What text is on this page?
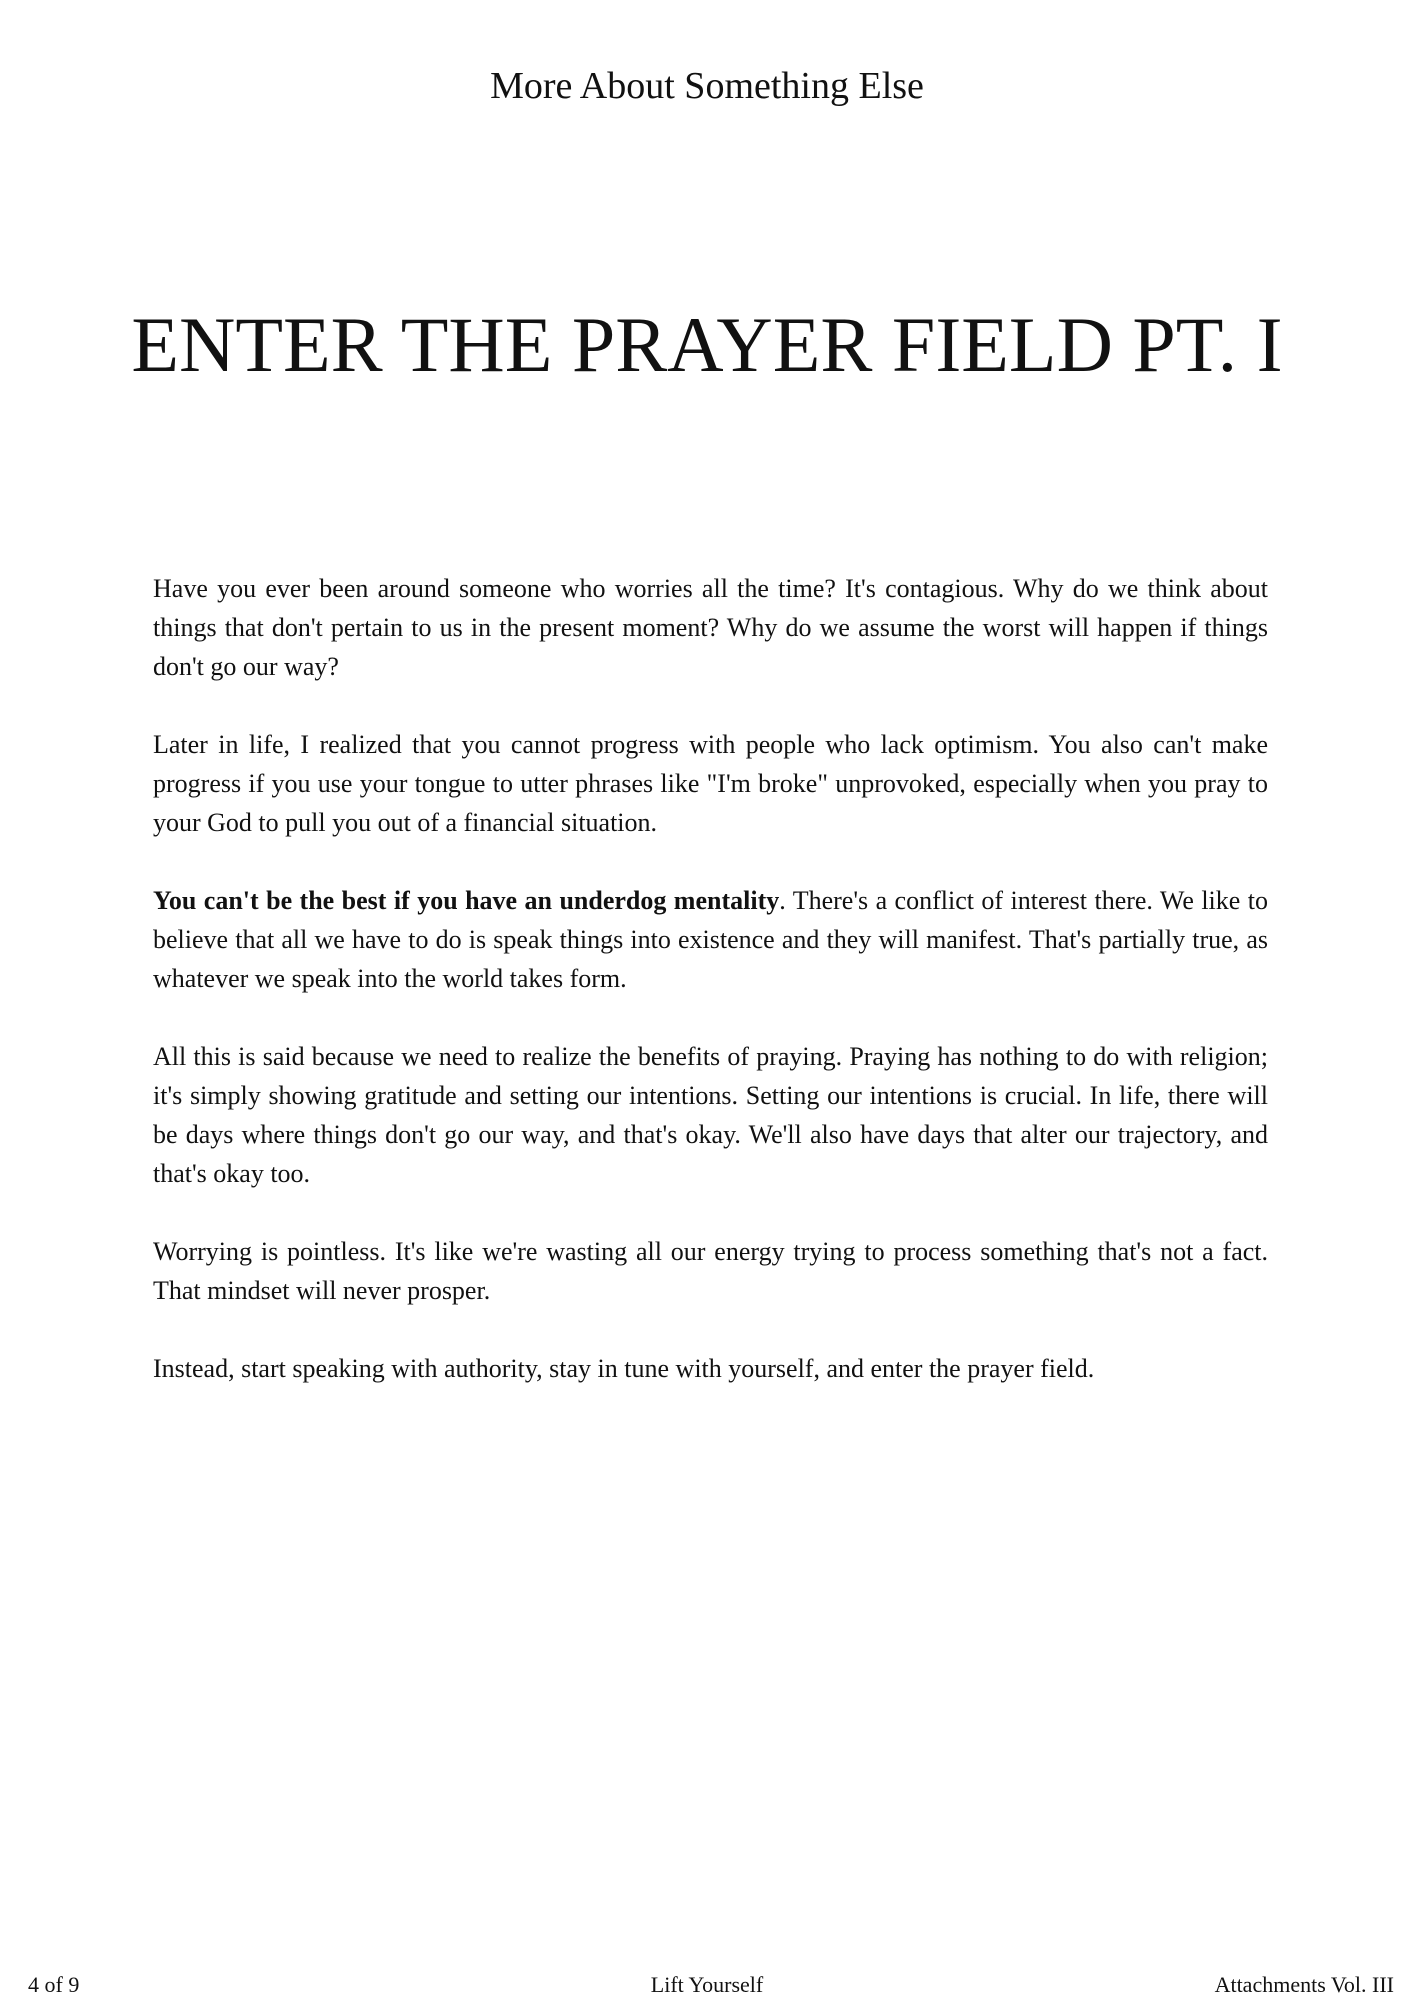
More About Something Else
ENTER THE PRAYER FIELD PT. I

Have you ever been around someone who worries all the time? It's contagious. Why do we think about things that don't pertain to us in the present moment? Why do we assume the worst will happen if things don't go our way?

Later in life, I realized that you cannot progress with people who lack optimism. You also can't make progress if you use your tongue to utter phrases like "I'm broke" unprovoked, especially when you pray to your God to pull you out of a financial situation.

You can't be the best if you have an underdog mentality. There's a conflict of interest there. We like to believe that all we have to do is speak things into existence and they will manifest. That's partially true, as whatever we speak into the world takes form.

All this is said because we need to realize the benefits of praying. Praying has nothing to do with religion; it's simply showing gratitude and setting our intentions. Setting our intentions is crucial. In life, there will be days where things don't go our way, and that's okay. We'll also have days that alter our trajectory, and that's okay too.

Worrying is pointless. It's like we're wasting all our energy trying to process something that's not a fact. That mindset will never prosper.

Instead, start speaking with authority, stay in tune with yourself, and enter the prayer field.

4 of 9	Lift Yourself	Attachments Vol. III
